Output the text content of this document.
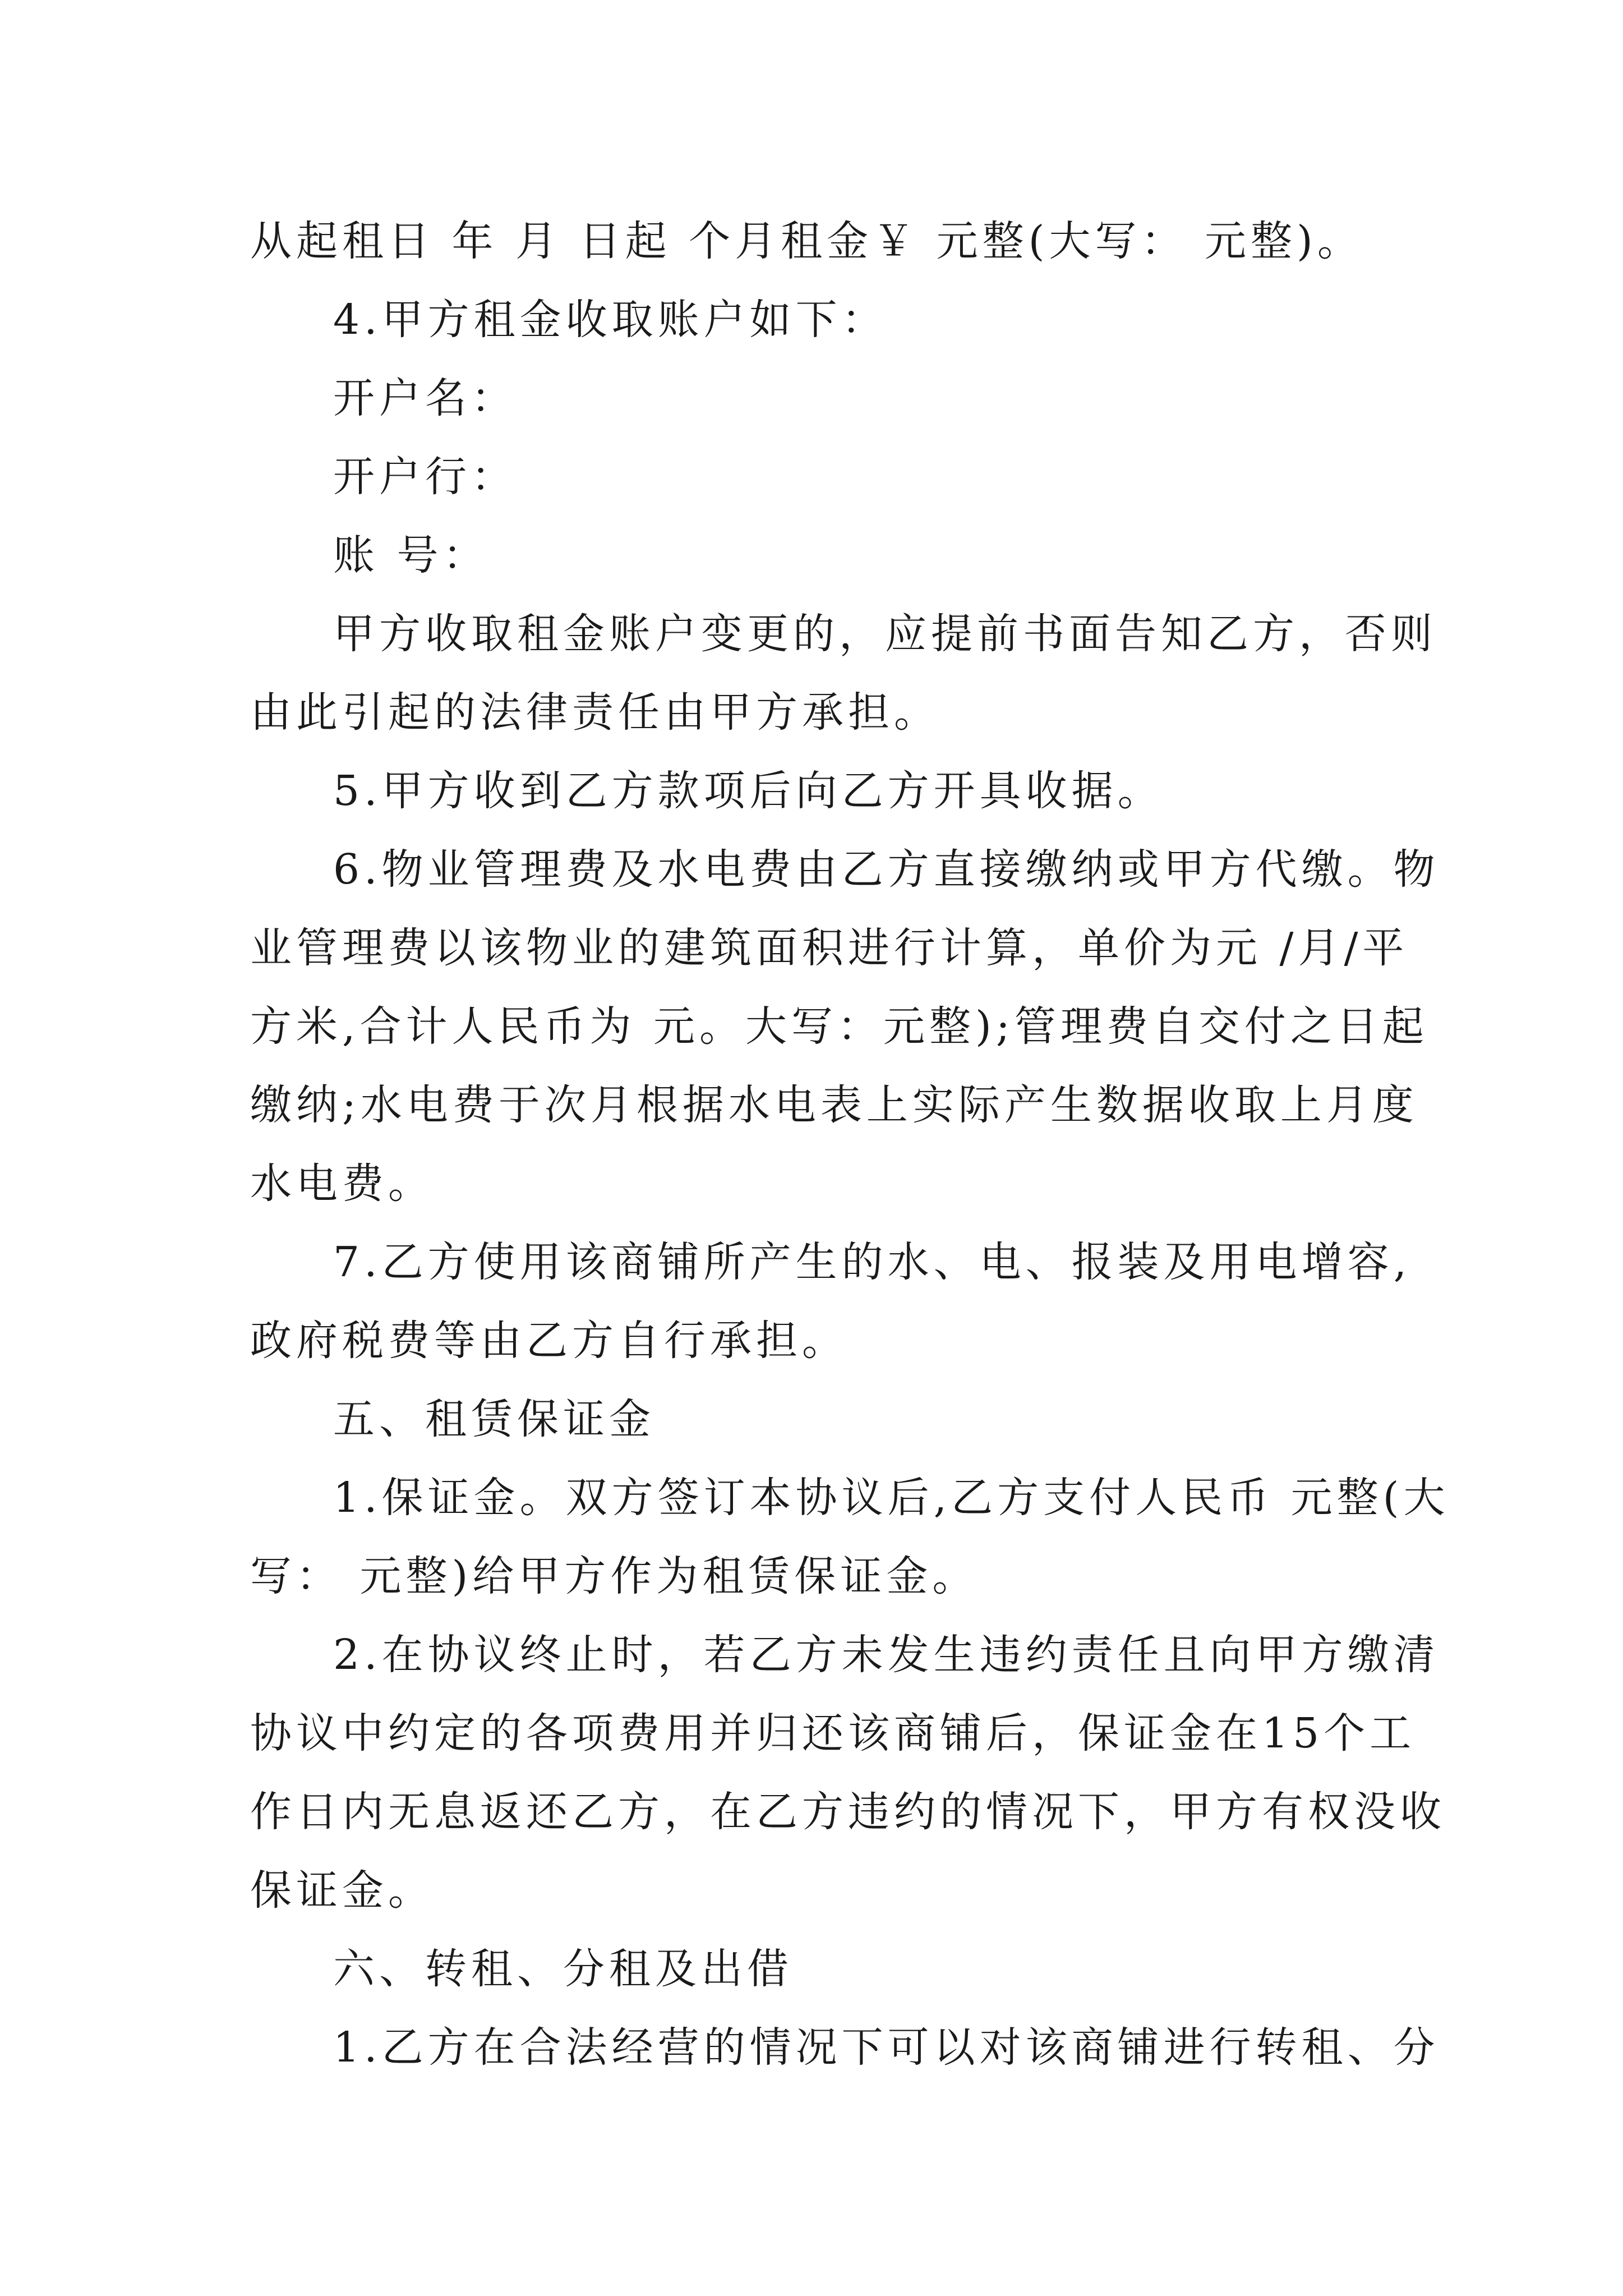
从起租日 年 月 日起 个月租金￥ 元整(大写： 元整)。
4.甲方租金收取账户如下：
开户名：
开户行：
账 号：
甲方收取租金账户变更的，应提前书面告知乙方，否则
由此引起的法律责任由甲方承担。
5.甲方收到乙方款项后向乙方开具收据。
6.物业管理费及水电费由乙方直接缴纳或甲方代缴。物
业管理费以该物业的建筑面积进行计算，单价为元 /月/平
方米,合计人民币为 元。大写：元整);管理费自交付之日起
缴纳;水电费于次月根据水电表上实际产生数据收取上月度
水电费。
7.乙方使用该商铺所产生的水、电、报装及用电增容,
政府税费等由乙方自行承担。
五、租赁保证金
1.保证金。双方签订本协议后,乙方支付人民币 元整(大
写： 元整)给甲方作为租赁保证金。
2.在协议终止时，若乙方未发生违约责任且向甲方缴清
协议中约定的各项费用并归还该商铺后，保证金在15个工
作日内无息返还乙方，在乙方违约的情况下，甲方有权没收
保证金。
六、转租、分租及出借
1.乙方在合法经营的情况下可以对该商铺进行转租、分
